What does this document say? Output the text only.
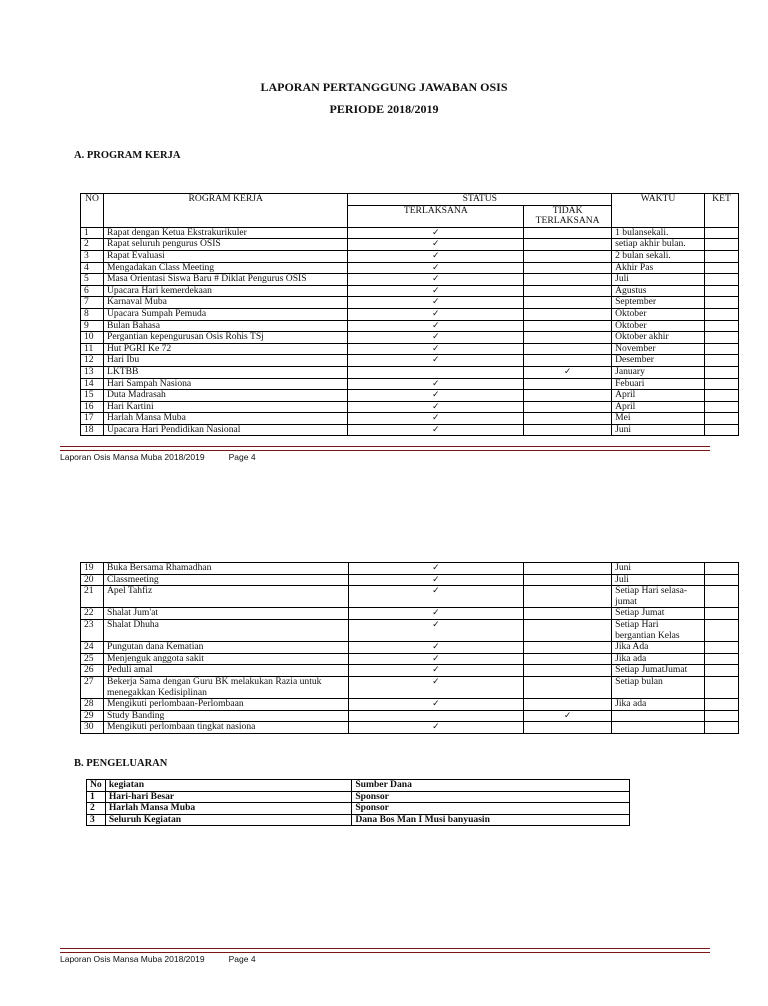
LAPORAN PERTANGGUNG JAWABAN OSIS
PERIODE 2018/2019
A. PROGRAM KERJA
NO	ROGRAM KERJA	STATUS		WAKTU	KET
		TERLAKSANA	TIDAK TERLAKSANA		
1	Rapat dengan Ketua Ekstrakurikuler	✓		1 bulansekali.	
2	Rapat seluruh pengurus OSIS	✓		setiap akhir bulan.	
3	Rapat Evaluasi	✓		2 bulan sekali.	
4	Mengadakan Class Meeting	✓		Akhir Pas	
5	Masa Orientasi Siswa Baru # Diklat Pengurus OSIS	✓		Juli	
6	Upacara Hari kemerdekaan	✓		Agustus	
7	Karnaval Muba	✓		September	
8	Upacara Sumpah Pemuda	✓		Oktober	
9	Bulan Bahasa	✓		Oktober	
10	Pergantian kepengurusan Osis Rohis TSj	✓		Oktober akhir	
11	Hut PGRI Ke 72	✓		November	
12	Hari Ibu	✓		Desember	
13	LKTBB		✓	January	
14	Hari Sampah Nasiona	✓		Febuari	
15	Duta Madrasah	✓		April	
16	Hari Kartini	✓		April	
17	Harlah Mansa Muba	✓		Mei	
18	Upacara Hari Pendidikan Nasional	✓		Juni	
Laporan Osis Mansa Muba 2018/2019	Page 4
19	Buka Bersama Rhamadhan	✓		Juni	
20	Classmeeting	✓		Juli	
21	Apel Tahfiz	✓		Setiap Hari selasa-jumat	
22	Shalat Jum'at	✓		Setiap Jumat	
23	Shalat Dhuha	✓		Setiap Hari bergantian Kelas	
24	Pungutan dana Kematian	✓		Jika Ada	
25	Menjenguk anggota sakit	✓		Jika ada	
26	Peduli amal	✓		Setiap JumatJumat	
27	Bekerja Sama dengan Guru BK melakukan Razia untuk menegakkan Kedisiplinan	✓		Setiap bulan	
28	Mengikuti perlombaan-Perlombaan	✓		Jika ada	
29	Study Banding		✓		
30	Mengikuti perlombaan tingkat nasiona	✓			
B. PENGELUARAN
No	kegiatan	Sumber Dana
1	Hari-hari Besar	Sponsor
2	Harlah Mansa Muba	Sponsor
3	Seluruh Kegiatan	Dana Bos Man I Musi banyuasin
Laporan Osis Mansa Muba 2018/2019	Page 4
